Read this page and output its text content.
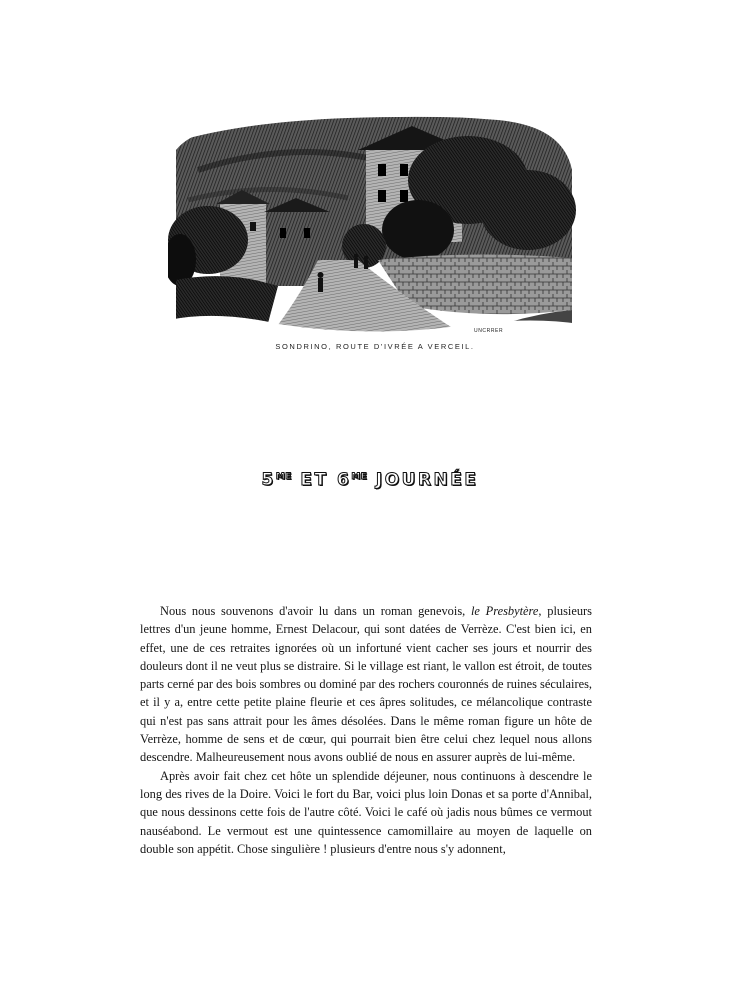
UNCRRER
SONDRINO, ROUTE D'IVRÉE A VERCEIL.
$5^{ME}$ ET $6^{ME}$ JOURNÉE

Nous nous souvenons d'avoir lu dans un roman genevois, le Presbytère, plusieurs lettres d'un jeune homme, Ernest Delacour, qui sont datées de Verrèze. C'est bien ici, en effet, une de ces retraites ignorées où un infortuné vient cacher ses jours et nourrir des douleurs dont il ne veut plus se distraire. Si le village est riant, le vallon est étroit, de toutes parts cerné par des bois sombres ou dominé par des rochers couronnés de ruines séculaires, et il y a, entre cette petite plaine fleurie et ces âpres solitudes, ce mélancolique contraste qui n'est pas sans attrait pour les âmes désolées. Dans le même roman figure un hôte de Verrèze, homme de sens et de cœur, qui pourrait bien être celui chez lequel nous allons descendre. Malheureusement nous avons oublié de nous en assurer auprès de lui-même.

Après avoir fait chez cet hôte un splendide déjeuner, nous continuons à descendre le long des rives de la Doire. Voici le fort du Bar, voici plus loin Donas et sa porte d'Annibal, que nous dessinons cette fois de l'autre côté. Voici le café où jadis nous bûmes ce vermout nauséabond. Le vermout est une quintessence camomillaire au moyen de laquelle on double son appétit. Chose singulière ! plusieurs d'entre nous s'y adonnent,
